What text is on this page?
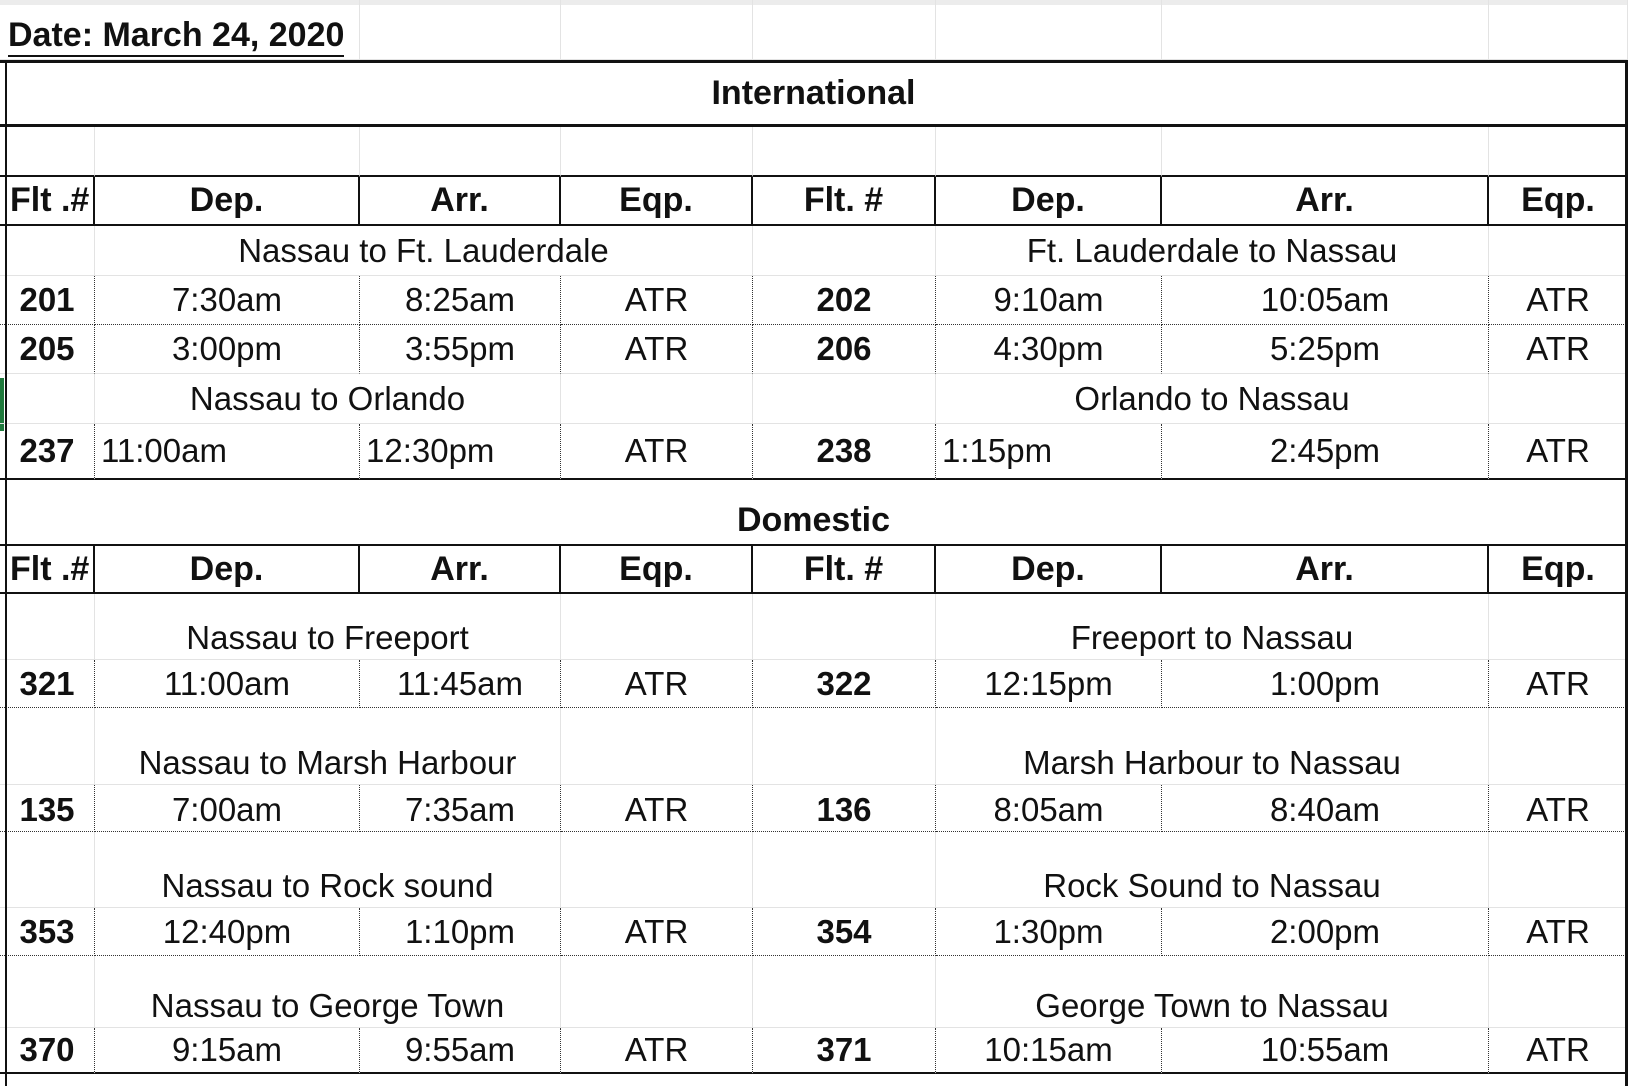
Date: March 24, 2020
International
Flt .#	Dep.	Arr.	Eqp.	Flt. #	Dep.	Arr.	Eqp.
Nassau to Ft. Lauderdale	Ft. Lauderdale to Nassau
201	7:30am	8:25am	ATR	202	9:10am	10:05am	ATR
205	3:00pm	3:55pm	ATR	206	4:30pm	5:25pm	ATR
Nassau to Orlando	Orlando to Nassau
237 11:00am	12:30pm	ATR	238	1:15pm	2:45pm	ATR
Domestic
Flt .#	Dep.	Arr.	Eqp.	Flt. #	Dep.	Arr.	Eqp.
Nassau to Freeport	Freeport to Nassau
321	11:00am	11:45am	ATR	322	12:15pm	1:00pm	ATR
Nassau to Marsh Harbour	Marsh Harbour to Nassau
135	7:00am	7:35am	ATR	136	8:05am	8:40am	ATR
Nassau to Rock sound	Rock Sound to Nassau
353	12:40pm	1:10pm	ATR	354	1:30pm	2:00pm	ATR
Nassau to George Town	George Town to Nassau
370	9:15am	9:55am	ATR	371	10:15am	10:55am	ATR
